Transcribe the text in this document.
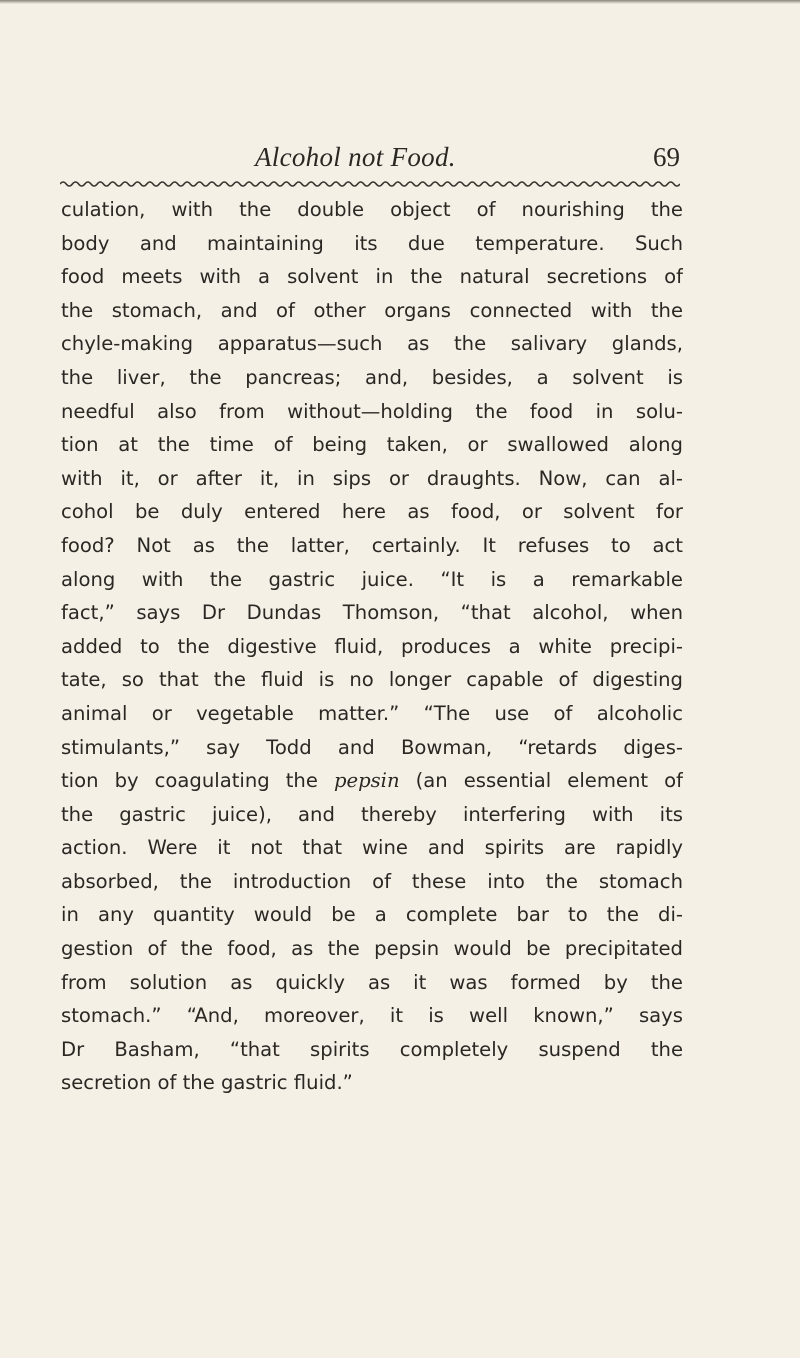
Alcohol not Food.	69
culation, with the double object of nourishing the
body and maintaining its due temperature. Such
food meets with a solvent in the natural secretions of
the stomach, and of other organs connected with the
chyle-making apparatus—such as the salivary glands,
the liver, the pancreas; and, besides, a solvent is
needful also from without—holding the food in solu-
tion at the time of being taken, or swallowed along
with it, or after it, in sips or draughts. Now, can al-
cohol be duly entered here as food, or solvent for
food? Not as the latter, certainly. It refuses to act
along with the gastric juice. “It is a remarkable
fact,” says Dr Dundas Thomson, “that alcohol, when
added to the digestive fluid, produces a white precipi-
tate, so that the fluid is no longer capable of digesting
animal or vegetable matter.” “The use of alcoholic
stimulants,” say Todd and Bowman, “retards diges-
tion by coagulating the pepsin (an essential element of
the gastric juice), and thereby interfering with its
action. Were it not that wine and spirits are rapidly
absorbed, the introduction of these into the stomach
in any quantity would be a complete bar to the di-
gestion of the food, as the pepsin would be precipitated
from solution as quickly as it was formed by the
stomach.” “And, moreover, it is well known,” says
Dr Basham, “that spirits completely suspend the
secretion of the gastric fluid.”
